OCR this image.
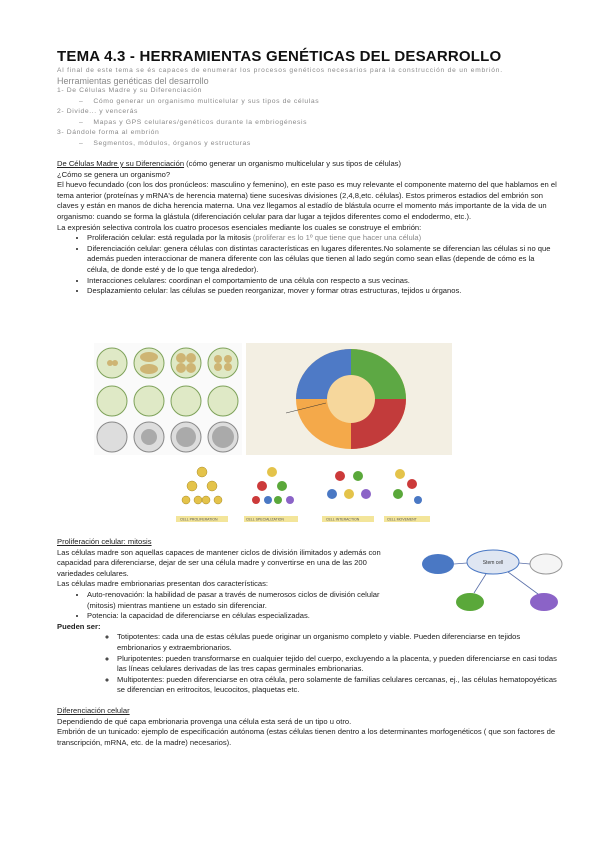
TEMA 4.3 - HERRAMIENTAS GENÉTICAS DEL DESARROLLO
Al final de este tema se és capaces de enumerar los procesos genéticos necesarios para la construcción de un embrión.
Herramientas genéticas del desarrollo
1- De Células Madre y su Diferenciación
–    Cómo generar un organismo multicelular y sus tipos de células
2- Divide... y vencerás
–    Mapas y GPS celulares/genéticos durante la embriogénesis
3- Dándole forma al embrión
–    Segmentos, módulos, órganos y estructuras
De Células Madre y su Diferenciación (cómo generar un organismo multicelular y sus tipos de células)
¿Cómo se genera un organismo?
El huevo fecundado (con los dos pronúcleos: masculino y femenino), en este paso es muy relevante el componente materno del que hablamos en el tema anterior (proteínas y mRNA's de herencia materna) tiene sucesivas divisiones (2,4,8,etc. células). Estos primeros estadios del embrión son claves y están en manos de dicha herencia materna. Una vez llegamos al estadío de blástula ocurre el momento más importante de la vida de un organismo: cuando se forma la glástula (diferenciación celular para dar lugar a tejidos diferentes como el endodermo, etc.).
La expresión selectiva controla los cuatro procesos esenciales mediante los cuales se construye el embrión:
• Proliferación celular: está regulada por la mitosis (proliferar es lo 1º que tiene que hacer una célula)
• Diferenciación celular: genera células con distintas características en lugares diferentes.No solamente se diferencian las células si no que además pueden interaccionar de manera diferente con las células que tienen al lado según como sean ellas (depende de cómo es la célula, de donde esté y de lo que tenga alrededor).
• Interacciones celulares: coordinan el comportamiento de una célula con respecto a sus vecinas.
• Desplazamiento celular: las células se pueden reorganizar, mover y formar otras estructuras, tejidos u órganos.
CELL PROLIFERATION	CELL SPECIALIZATION	CELL INTERACTION	CELL MOVEMENT
Proliferación celular: mitosis
Las células madre son aquellas capaces de mantener ciclos de división ilimitados y además con capacidad para diferenciarse, dejar de ser una célula madre y convertirse en una de las 200 variedades celulares.
Las células madre embrionarias presentan dos características:
• Auto-renovación: la habilidad de pasar a través de numerosos ciclos de división celular (mitosis) mientras mantiene un estado sin diferenciar.
• Potencia: la capacidad de diferenciarse en células especializadas.
Pueden ser:
◦ Totipotentes: cada una de estas células puede originar un organismo completo y viable. Pueden diferenciarse en tejidos embrionarios y extraembrionarios.
◦ Pluripotentes: pueden transformarse en cualquier tejido del cuerpo, excluyendo a la placenta, y pueden diferenciarse en casi todas las líneas celulares derivadas de las tres capas germinales embrionarias.
◦ Multipotentes: pueden diferenciarse en otra célula, pero solamente de familias celulares cercanas, ej., las células hematopoyéticas se diferencian en eritrocitos, leucocitos, plaquetas etc.
Diferenciación celular
Dependiendo de qué capa embrionaria provenga una célula esta será de un tipo u otro.
Embrión de un tunicado: ejemplo de especificación autónoma (estas células tienen dentro a los determinantes morfogenéticos ( que son factores de transcripción, mRNA, etc. de la madre) necesarios).
Stem cell
